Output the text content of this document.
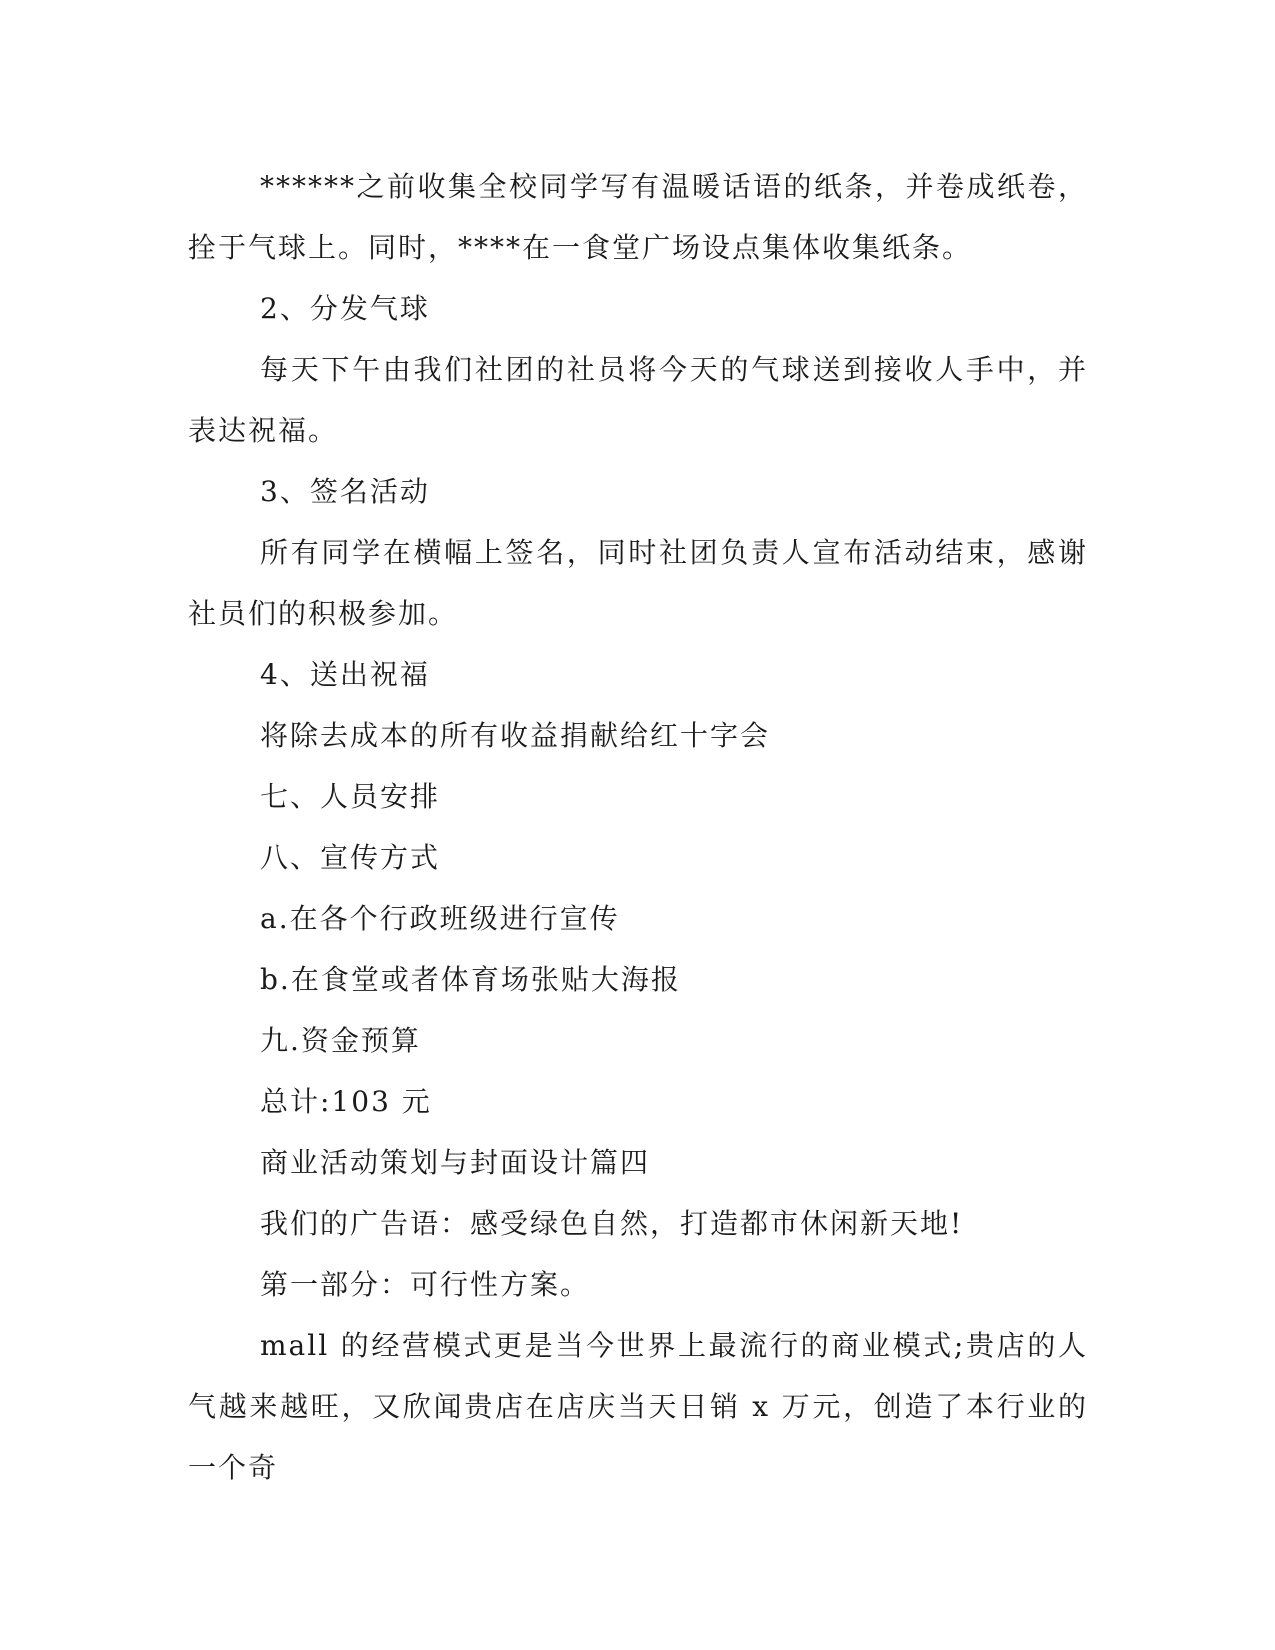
******之前收集全校同学写有温暖话语的纸条，并卷成纸卷，拴于气球上。同时，****在一食堂广场设点集体收集纸条。

2、分发气球

每天下午由我们社团的社员将今天的气球送到接收人手中，并表达祝福。

3、签名活动

所有同学在横幅上签名，同时社团负责人宣布活动结束，感谢社员们的积极参加。

4、送出祝福

将除去成本的所有收益捐献给红十字会

七、人员安排

八、宣传方式

a.在各个行政班级进行宣传

b.在食堂或者体育场张贴大海报

九.资金预算

总计:103 元

商业活动策划与封面设计篇四

我们的广告语：感受绿色自然，打造都市休闲新天地!

第一部分：可行性方案。

mall 的经营模式更是当今世界上最流行的商业模式;贵店的人气越来越旺，又欣闻贵店在店庆当天日销 x 万元，创造了本行业的一个奇
